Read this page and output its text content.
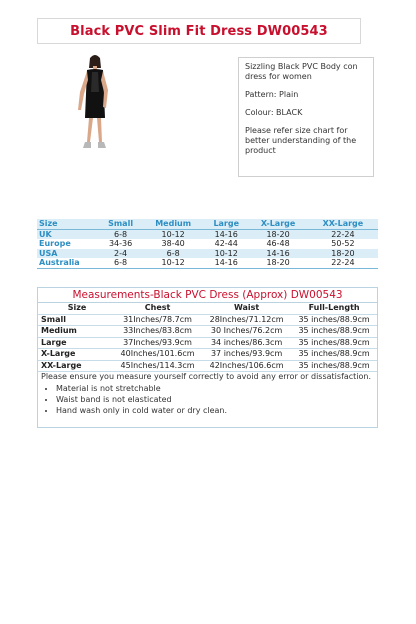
Black PVC Slim Fit Dress DW00543

Sizzling Black PVC Body con dress for women

Pattern: Plain

Colour: BLACK

Please refer size chart for better understanding of the product

Size	Small	Medium	Large	X-Large	XX-Large
UK	6-8	10-12	14-16	18-20	22-24
Europe	34-36	38-40	42-44	46-48	50-52
USA	2-4	6-8	10-12	14-16	18-20
Australia	6-8	10-12	14-16	18-20	22-24
Measurements-Black PVC Dress (Approx) DW00543
Size	Chest	Waist	Full-Length
Small	31Inches/78.7cm	28Inches/71.12cm	35 inches/88.9cm
Medium	33Inches/83.8cm	30 Inches/76.2cm	35 inches/88.9cm
Large	37Inches/93.9cm	34 inches/86.3cm	35 inches/88.9cm
X-Large	40Inches/101.6cm	37 inches/93.9cm	35 inches/88.9cm
XX-Large	45Inches/114.3cm	42Inches/106.6cm	35 inches/88.9cm
Please ensure you measure yourself correctly to avoid any error or dissatisfaction.
• Material is not stretchable
• Waist band is not elasticated
• Hand wash only in cold water or dry clean.
